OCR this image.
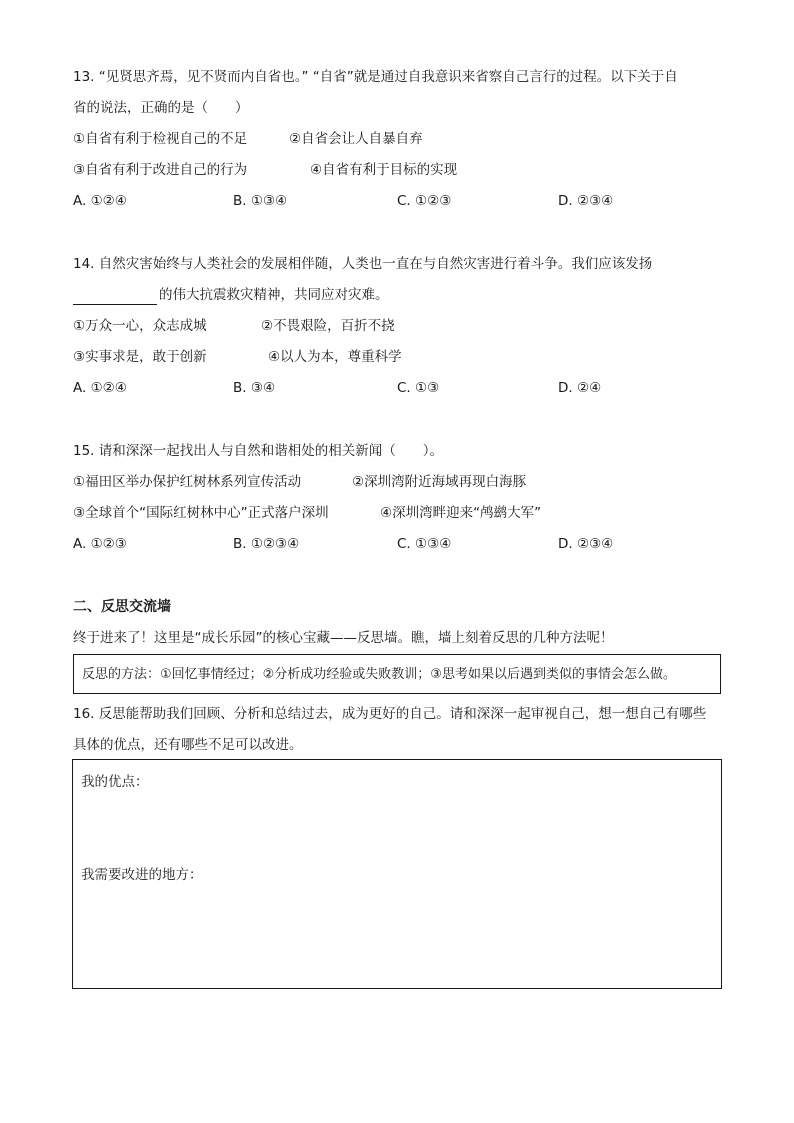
13. “见贤思齐焉，见不贤而内自省也。” “自省”就是通过自我意识来省察自己言行的过程。以下关于自
省的说法，正确的是（　　）
①自省有利于检视自己的不足	②自省会让人自暴自弃
③自省有利于改进自己的行为	④自省有利于目标的实现
A. ①②④	B. ①③④	C. ①②③	D. ②③④
14. 自然灾害始终与人类社会的发展相伴随，人类也一直在与自然灾害进行着斗争。我们应该发扬
的伟大抗震救灾精神，共同应对灾难。
①万众一心，众志成城	②不畏艰险，百折不挠
③实事求是，敢于创新	④以人为本，尊重科学
A. ①②④	B. ③④	C. ①③	D. ②④
15. 请和深深一起找出人与自然和谐相处的相关新闻（　　）。
①福田区举办保护红树林系列宣传活动	②深圳湾附近海域再现白海豚
③全球首个“国际红树林中心”正式落户深圳	④深圳湾畔迎来“鸬鹚大军”
A. ①②③	B. ①②③④	C. ①③④	D. ②③④
二、反思交流墙
终于进来了！这里是“成长乐园”的核心宝藏——反思墙。瞧，墙上刻着反思的几种方法呢！
反思的方法：①回忆事情经过；②分析成功经验或失败教训；③思考如果以后遇到类似的事情会怎么做。
16. 反思能帮助我们回顾、分析和总结过去，成为更好的自己。请和深深一起审视自己，想一想自己有哪些
具体的优点，还有哪些不足可以改进。
我的优点：
我需要改进的地方：
